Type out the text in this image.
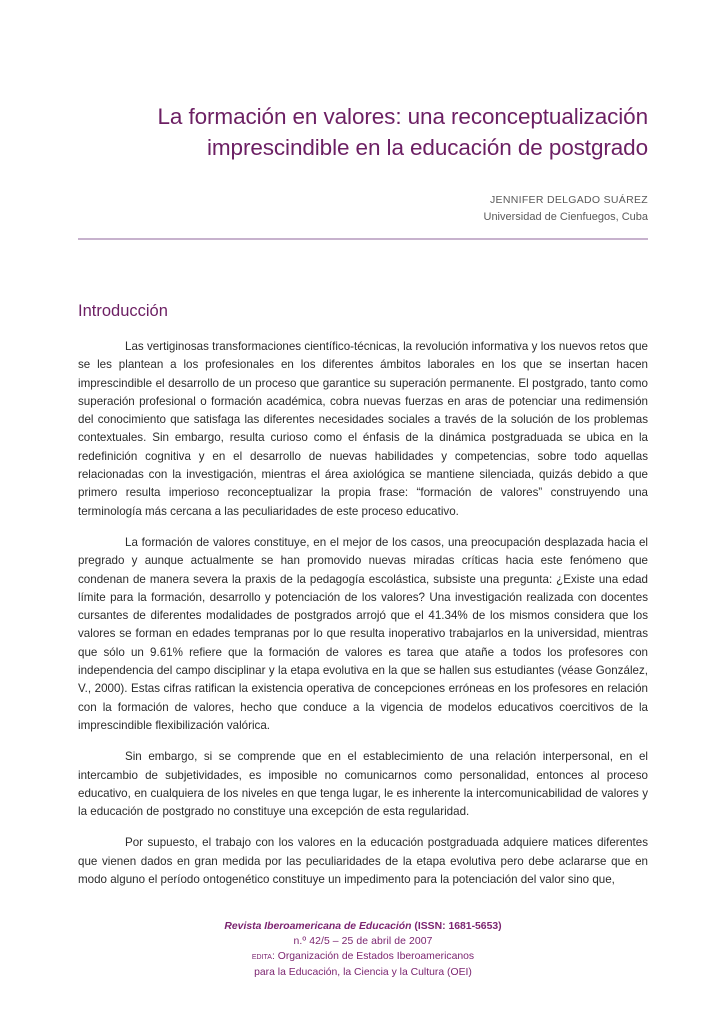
La formación en valores: una reconceptualización
imprescindible en la educación de postgrado
JENNIFER DELGADO SUÁREZ
Universidad de Cienfuegos, Cuba
Introducción

Las vertiginosas transformaciones científico-técnicas, la revolución informativa y los nuevos retos que se les plantean a los profesionales en los diferentes ámbitos laborales en los que se insertan hacen imprescindible el desarrollo de un proceso que garantice su superación permanente. El postgrado, tanto como superación profesional o formación académica, cobra nuevas fuerzas en aras de potenciar una redimensión del conocimiento que satisfaga las diferentes necesidades sociales a través de la solución de los problemas contextuales. Sin embargo, resulta curioso como el énfasis de la dinámica postgraduada se ubica en la redefinición cognitiva y en el desarrollo de nuevas habilidades y competencias, sobre todo aquellas relacionadas con la investigación, mientras el área axiológica se mantiene silenciada, quizás debido a que primero resulta imperioso reconceptualizar la propia frase: “formación de valores” construyendo una terminología más cercana a las peculiaridades de este proceso educativo.

La formación de valores constituye, en el mejor de los casos, una preocupación desplazada hacia el pregrado y aunque actualmente se han promovido nuevas miradas críticas hacia este fenómeno que condenan de manera severa la praxis de la pedagogía escolástica, subsiste una pregunta: ¿Existe una edad límite para la formación, desarrollo y potenciación de los valores? Una investigación realizada con docentes cursantes de diferentes modalidades de postgrados arrojó que el 41.34% de los mismos considera que los valores se forman en edades tempranas por lo que resulta inoperativo trabajarlos en la universidad, mientras que sólo un 9.61% refiere que la formación de valores es tarea que atañe a todos los profesores con independencia del campo disciplinar y la etapa evolutiva en la que se hallen sus estudiantes (véase González, V., 2000). Estas cifras ratifican la existencia operativa de concepciones erróneas en los profesores en relación con la formación de valores, hecho que conduce a la vigencia de modelos educativos coercitivos de la imprescindible flexibilización valórica.

Sin embargo, si se comprende que en el establecimiento de una relación interpersonal, en el intercambio de subjetividades, es imposible no comunicarnos como personalidad, entonces al proceso educativo, en cualquiera de los niveles en que tenga lugar, le es inherente la intercomunicabilidad de valores y la educación de postgrado no constituye una excepción de esta regularidad.

Por supuesto, el trabajo con los valores en la educación postgraduada adquiere matices diferentes que vienen dados en gran medida por las peculiaridades de la etapa evolutiva pero debe aclararse que en modo alguno el período ontogenético constituye un impedimento para la potenciación del valor sino que,

Revista Iberoamericana de Educación (ISSN: 1681-5653)
n.º 42/5 – 25 de abril de 2007
edita: Organización de Estados Iberoamericanos
para la Educación, la Ciencia y la Cultura (OEI)
